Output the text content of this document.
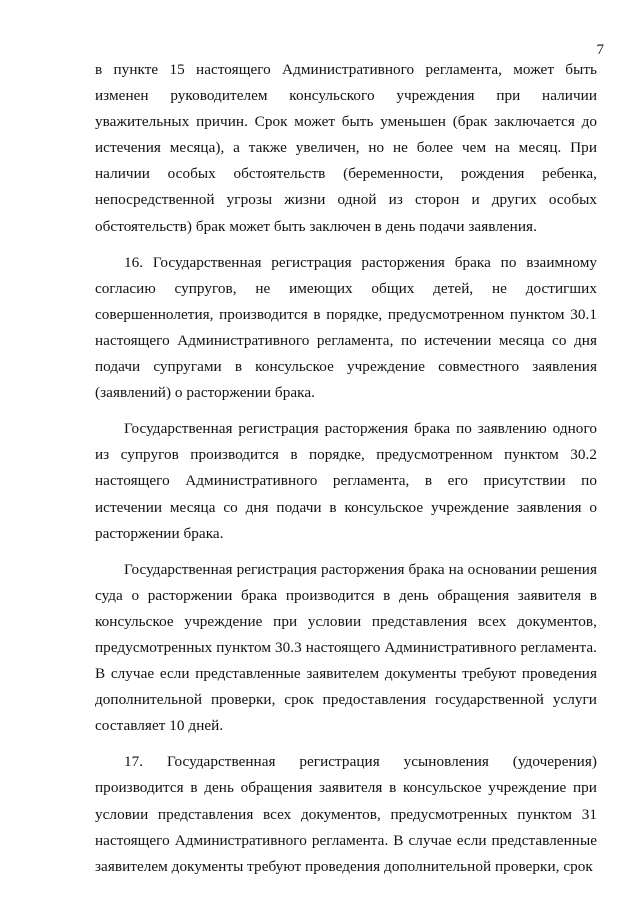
7

в пункте 15 настоящего Административного регламента, может быть изменен руководителем консульского учреждения при наличии уважительных причин. Срок может быть уменьшен (брак заключается до истечения месяца), а также увеличен, но не более чем на месяц. При наличии особых обстоятельств (беременности, рождения ребенка, непосредственной угрозы жизни одной из сторон и других особых обстоятельств) брак может быть заключен в день подачи заявления.

16. Государственная регистрация расторжения брака по взаимному согласию супругов, не имеющих общих детей, не достигших совершеннолетия, производится в порядке, предусмотренном пунктом 30.1 настоящего Административного регламента, по истечении месяца со дня подачи супругами в консульское учреждение совместного заявления (заявлений) о расторжении брака.

Государственная регистрация расторжения брака по заявлению одного из супругов производится в порядке, предусмотренном пунктом 30.2 настоящего Административного регламента, в его присутствии по истечении месяца со дня подачи в консульское учреждение заявления о расторжении брака.

Государственная регистрация расторжения брака на основании решения суда о расторжении брака производится в день обращения заявителя в консульское учреждение при условии представления всех документов, предусмотренных пунктом 30.3 настоящего Административного регламента. В случае если представленные заявителем документы требуют проведения дополнительной проверки, срок предоставления государственной услуги составляет 10 дней.

17. Государственная регистрация усыновления (удочерения) производится в день обращения заявителя в консульское учреждение при условии представления всех документов, предусмотренных пунктом 31 настоящего Административного регламента. В случае если представленные заявителем документы требуют проведения дополнительной проверки, срок
